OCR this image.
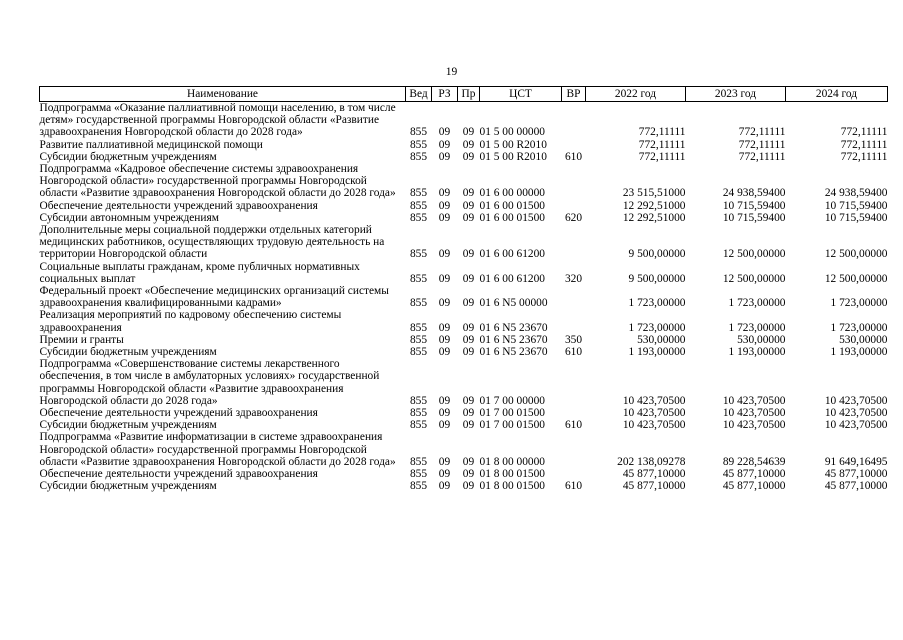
19
Наименование	Вед	РЗ	Пр	ЦСТ	ВР	2022 год	2023 год	2024 год
Подпрограмма «Оказание паллиативной помощи населению, в том числе детям» государственной программы Новгородской области «Развитие здравоохранения Новгородской области до 2028 года»	855	09	09	01 5 00 00000		772,11111	772,11111	772,11111
Развитие паллиативной медицинской помощи	855	09	09	01 5 00 R2010		772,11111	772,11111	772,11111
Субсидии бюджетным учреждениям	855	09	09	01 5 00 R2010	610	772,11111	772,11111	772,11111
Подпрограмма «Кадровое обеспечение системы здравоохранения Новгородской области» государственной программы Новгородской области «Развитие здравоохранения Новгородской области до 2028 года»	855	09	09	01 6 00 00000		23 515,51000	24 938,59400	24 938,59400
Обеспечение деятельности учреждений здравоохранения	855	09	09	01 6 00 01500		12 292,51000	10 715,59400	10 715,59400
Субсидии автономным учреждениям	855	09	09	01 6 00 01500	620	12 292,51000	10 715,59400	10 715,59400
Дополнительные меры социальной поддержки отдельных категорий медицинских работников, осуществляющих трудовую деятельность на территории Новгородской области	855	09	09	01 6 00 61200		9 500,00000	12 500,00000	12 500,00000
Социальные выплаты гражданам, кроме публичных нормативных социальных выплат	855	09	09	01 6 00 61200	320	9 500,00000	12 500,00000	12 500,00000
Федеральный проект «Обеспечение медицинских организаций системы здравоохранения квалифицированными кадрами»	855	09	09	01 6 N5 00000		1 723,00000	1 723,00000	1 723,00000
Реализация мероприятий по кадровому обеспечению системы здравоохранения	855	09	09	01 6 N5 23670		1 723,00000	1 723,00000	1 723,00000
Премии и гранты	855	09	09	01 6 N5 23670	350	530,00000	530,00000	530,00000
Субсидии бюджетным учреждениям	855	09	09	01 6 N5 23670	610	1 193,00000	1 193,00000	1 193,00000
Подпрограмма «Совершенствование системы лекарственного обеспечения, в том числе в амбулаторных условиях» государственной программы Новгородской области «Развитие здравоохранения Новгородской области до 2028 года»	855	09	09	01 7 00 00000		10 423,70500	10 423,70500	10 423,70500
Обеспечение деятельности учреждений здравоохранения	855	09	09	01 7 00 01500		10 423,70500	10 423,70500	10 423,70500
Субсидии бюджетным учреждениям	855	09	09	01 7 00 01500	610	10 423,70500	10 423,70500	10 423,70500
Подпрограмма «Развитие информатизации в системе здравоохранения Новгородской области» государственной программы Новгородской области «Развитие здравоохранения Новгородской области до 2028 года»	855	09	09	01 8 00 00000		202 138,09278	89 228,54639	91 649,16495
Обеспечение деятельности учреждений здравоохранения	855	09	09	01 8 00 01500		45 877,10000	45 877,10000	45 877,10000
Субсидии бюджетным учреждениям	855	09	09	01 8 00 01500	610	45 877,10000	45 877,10000	45 877,10000
